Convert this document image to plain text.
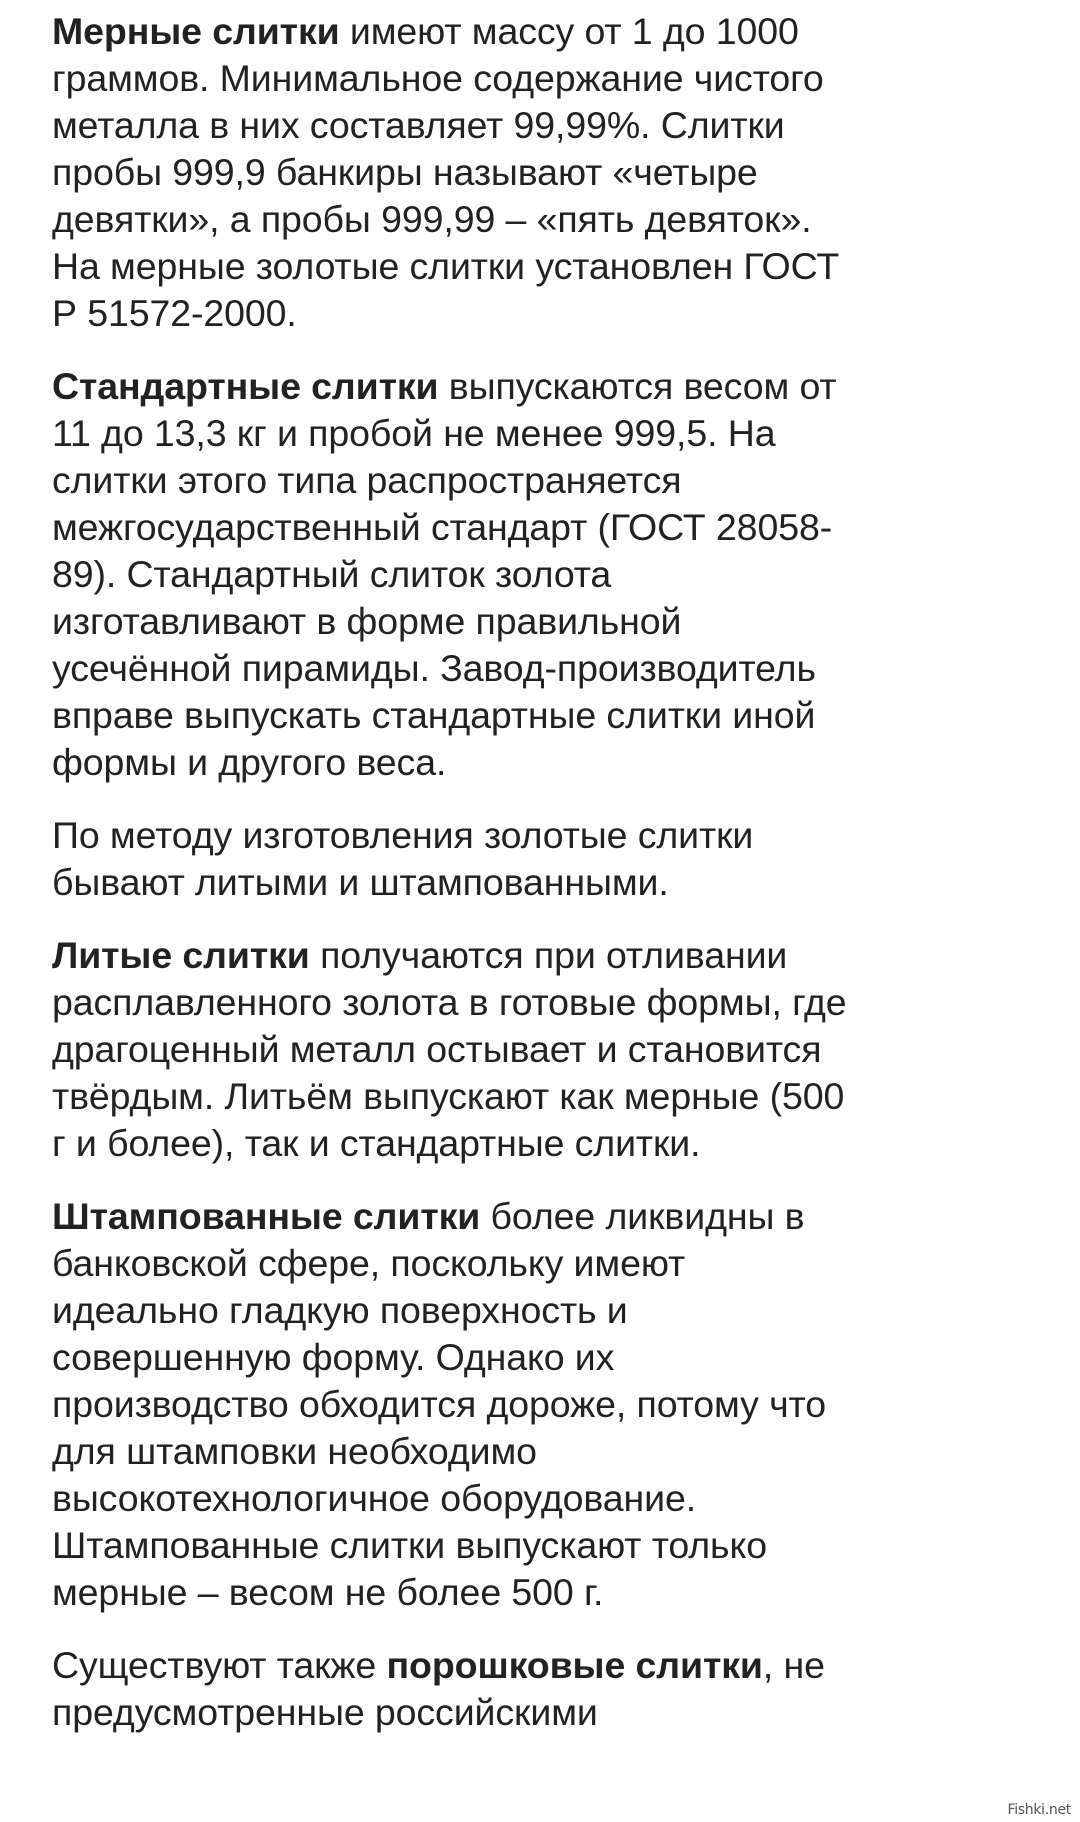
Мерные слитки имеют массу от 1 до 1000 граммов. Минимальное содержание чистого металла в них составляет 99,99%. Слитки пробы 999,9 банкиры называют «четыре девятки», а пробы 999,99 – «пять девяток». На мерные золотые слитки установлен ГОСТ Р 51572-2000.

Стандартные слитки выпускаются весом от 11 до 13,3 кг и пробой не менее 999,5. На слитки этого типа распространяется межгосударственный стандарт (ГОСТ 28058-89). Стандартный слиток золота изготавливают в форме правильной усечённой пирамиды. Завод-производитель вправе выпускать стандартные слитки иной формы и другого веса.

По методу изготовления золотые слитки бывают литыми и штампованными.

Литые слитки получаются при отливании расплавленного золота в готовые формы, где драгоценный металл остывает и становится твёрдым. Литьём выпускают как мерные (500 г и более), так и стандартные слитки.

Штампованные слитки более ликвидны в банковской сфере, поскольку имеют идеально гладкую поверхность и совершенную форму. Однако их производство обходится дороже, потому что для штамповки необходимо высокотехнологичное оборудование. Штампованные слитки выпускают только мерные – весом не более 500 г.

Существуют также порошковые слитки, не предусмотренные российскими

Fishki.net
